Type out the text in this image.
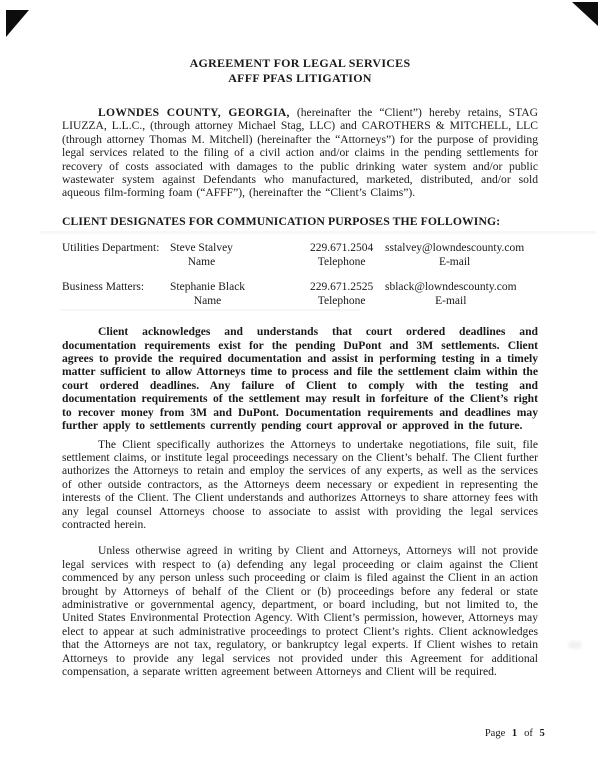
AGREEMENT FOR LEGAL SERVICES
AFFF PFAS LITIGATION

LOWNDES COUNTY, GEORGIA, (hereinafter the “Client”) hereby retains, STAG LIUZZA, L.L.C., (through attorney Michael Stag, LLC) and CAROTHERS & MITCHELL, LLC (through attorney Thomas M. Mitchell) (hereinafter the “Attorneys”) for the purpose of providing legal services related to the filing of a civil action and/or claims in the pending settlements for recovery of costs associated with damages to the public drinking water system and/or public wastewater system against Defendants who manufactured, marketed, distributed, and/or sold aqueous film-forming foam (“AFFF”), (hereinafter the “Client’s Claims”).

CLIENT DESIGNATES FOR COMMUNICATION PURPOSES THE FOLLOWING:
Utilities Department: Steve Stalvey
Name
229.671.2504
Telephone
sstalvey@lowndescounty.com
E-mail
Business Matters:	Stephanie Black
Name
229.671.2525
Telephone
sblack@lowndescounty.com
E-mail

Client acknowledges and understands that court ordered deadlines and documentation requirements exist for the pending DuPont and 3M settlements. Client agrees to provide the required documentation and assist in performing testing in a timely matter sufficient to allow Attorneys time to process and file the settlement claim within the court ordered deadlines. Any failure of Client to comply with the testing and documentation requirements of the settlement may result in forfeiture of the Client’s right to recover money from 3M and DuPont. Documentation requirements and deadlines may further apply to settlements currently pending court approval or approved in the future.

The Client specifically authorizes the Attorneys to undertake negotiations, file suit, file settlement claims, or institute legal proceedings necessary on the Client’s behalf. The Client further authorizes the Attorneys to retain and employ the services of any experts, as well as the services of other outside contractors, as the Attorneys deem necessary or expedient in representing the interests of the Client. The Client understands and authorizes Attorneys to share attorney fees with any legal counsel Attorneys choose to associate to assist with providing the legal services contracted herein.

Unless otherwise agreed in writing by Client and Attorneys, Attorneys will not provide legal services with respect to (a) defending any legal proceeding or claim against the Client commenced by any person unless such proceeding or claim is filed against the Client in an action brought by Attorneys of behalf of the Client or (b) proceedings before any federal or state administrative or governmental agency, department, or board including, but not limited to, the United States Environmental Protection Agency. With Client’s permission, however, Attorneys may elect to appear at such administrative proceedings to protect Client’s rights. Client acknowledges that the Attorneys are not tax, regulatory, or bankruptcy legal experts. If Client wishes to retain Attorneys to provide any legal services not provided under this Agreement for additional compensation, a separate written agreement between Attorneys and Client will be required.

Page 1 of 5
